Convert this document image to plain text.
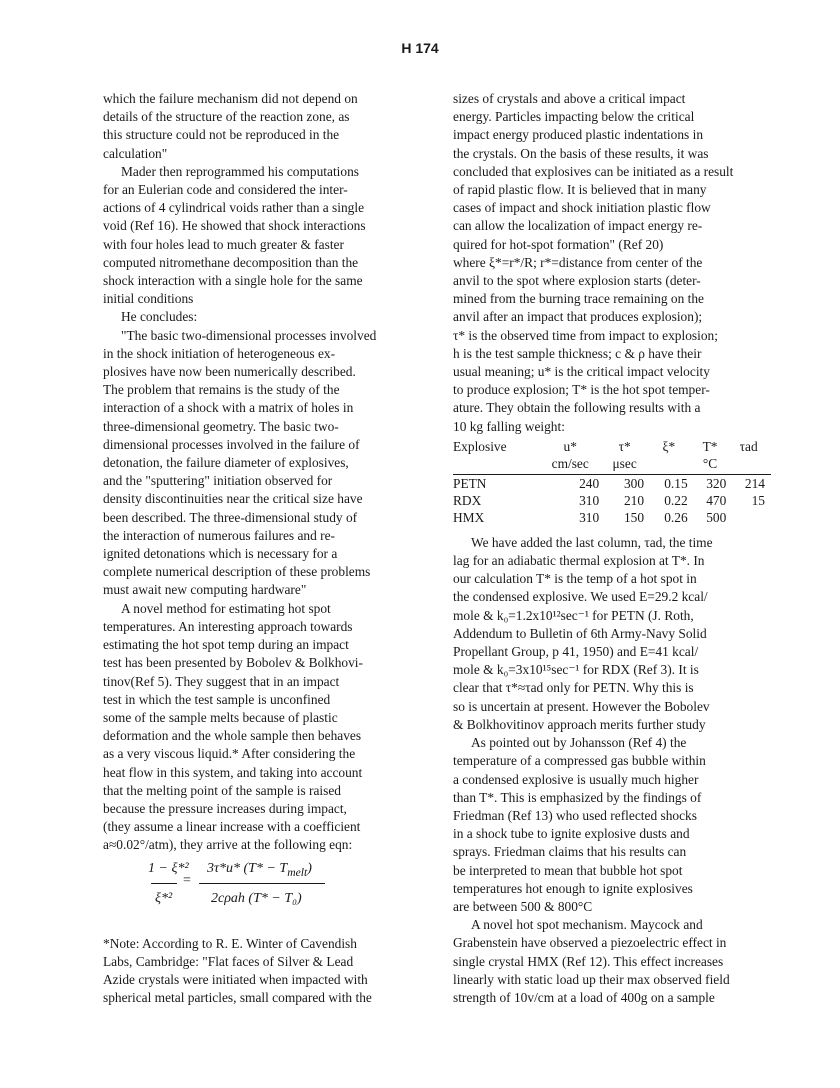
H 174
which the failure mechanism did not depend on
details of the structure of the reaction zone, as
this structure could not be reproduced in the
calculation"
Mader then reprogrammed his computations
for an Eulerian code and considered the inter-
actions of 4 cylindrical voids rather than a single
void (Ref 16). He showed that shock interactions
with four holes lead to much greater & faster
computed nitromethane decomposition than the
shock interaction with a single hole for the same
initial conditions
He concludes:
"The basic two-dimensional processes involved
in the shock initiation of heterogeneous ex-
plosives have now been numerically described.
The problem that remains is the study of the
interaction of a shock with a matrix of holes in
three-dimensional geometry. The basic two-
dimensional processes involved in the failure of
detonation, the failure diameter of explosives,
and the "sputtering" initiation observed for
density discontinuities near the critical size have
been described. The three-dimensional study of
the interaction of numerous failures and re-
ignited detonations which is necessary for a
complete numerical description of these problems
must await new computing hardware"
A novel method for estimating hot spot
temperatures. An interesting approach towards
estimating the hot spot temp during an impact
test has been presented by Bobolev & Bolkhovi-
tinov(Ref 5). They suggest that in an impact
test in which the test sample is unconfined
some of the sample melts because of plastic
deformation and the whole sample then behaves
as a very viscous liquid.* After considering the
heat flow in this system, and taking into account
that the melting point of the sample is raised
because the pressure increases during impact,
(they assume a linear increase with a coefficient
a≈0.02°/atm), they arrive at the following eqn:
1 − ξ*²
ξ*²
=
3τ*u* $(T* - T_{melt})$
2cρah (T* − T₀)
*Note: According to R. E. Winter of Cavendish
Labs, Cambridge: "Flat faces of Silver & Lead
Azide crystals were initiated when impacted with
spherical metal particles, small compared with the
sizes of crystals and above a critical impact
energy. Particles impacting below the critical
impact energy produced plastic indentations in
the crystals. On the basis of these results, it was
concluded that explosives can be initiated as a result
of rapid plastic flow. It is believed that in many
cases of impact and shock initiation plastic flow
can allow the localization of impact energy re-
quired for hot-spot formation" (Ref 20)
where ξ*=r*/R; r*=distance from center of the
anvil to the spot where explosion starts (deter-
mined from the burning trace remaining on the
anvil after an impact that produces explosion);
τ* is the observed time from impact to explosion;
h is the test sample thickness; c & ρ have their
usual meaning; u* is the critical impact velocity
to produce explosion; T* is the hot spot temper-
ature. They obtain the following results with a
10 kg falling weight:
Explosive	u*	τ*	ξ*	T*	τad
	cm/sec	μsec		°C	
PETN	240	300	0.15	320	214
RDX	310	210	0.22	470	15
HMX	310	150	0.26	500	
We have added the last column, τad, the time
lag for an adiabatic thermal explosion at T*. In
our calculation T* is the temp of a hot spot in
the condensed explosive. We used E=29.2 kcal/
mole & k₀=1.2x10¹²sec⁻¹ for PETN (J. Roth,
Addendum to Bulletin of 6th Army-Navy Solid
Propellant Group, p 41, 1950) and E=41 kcal/
mole & k₀=3x10¹⁵sec⁻¹ for RDX (Ref 3). It is
clear that τ*≈τad only for PETN. Why this is
so is uncertain at present. However the Bobolev
& Bolkhovitinov approach merits further study
As pointed out by Johansson (Ref 4) the
temperature of a compressed gas bubble within
a condensed explosive is usually much higher
than T*. This is emphasized by the findings of
Friedman (Ref 13) who used reflected shocks
in a shock tube to ignite explosive dusts and
sprays. Friedman claims that his results can
be interpreted to mean that bubble hot spot
temperatures hot enough to ignite explosives
are between 500 & 800°C
A novel hot spot mechanism. Maycock and
Grabenstein have observed a piezoelectric effect in
single crystal HMX (Ref 12). This effect increases
linearly with static load up their max observed field
strength of 10v/cm at a load of 400g on a sample
